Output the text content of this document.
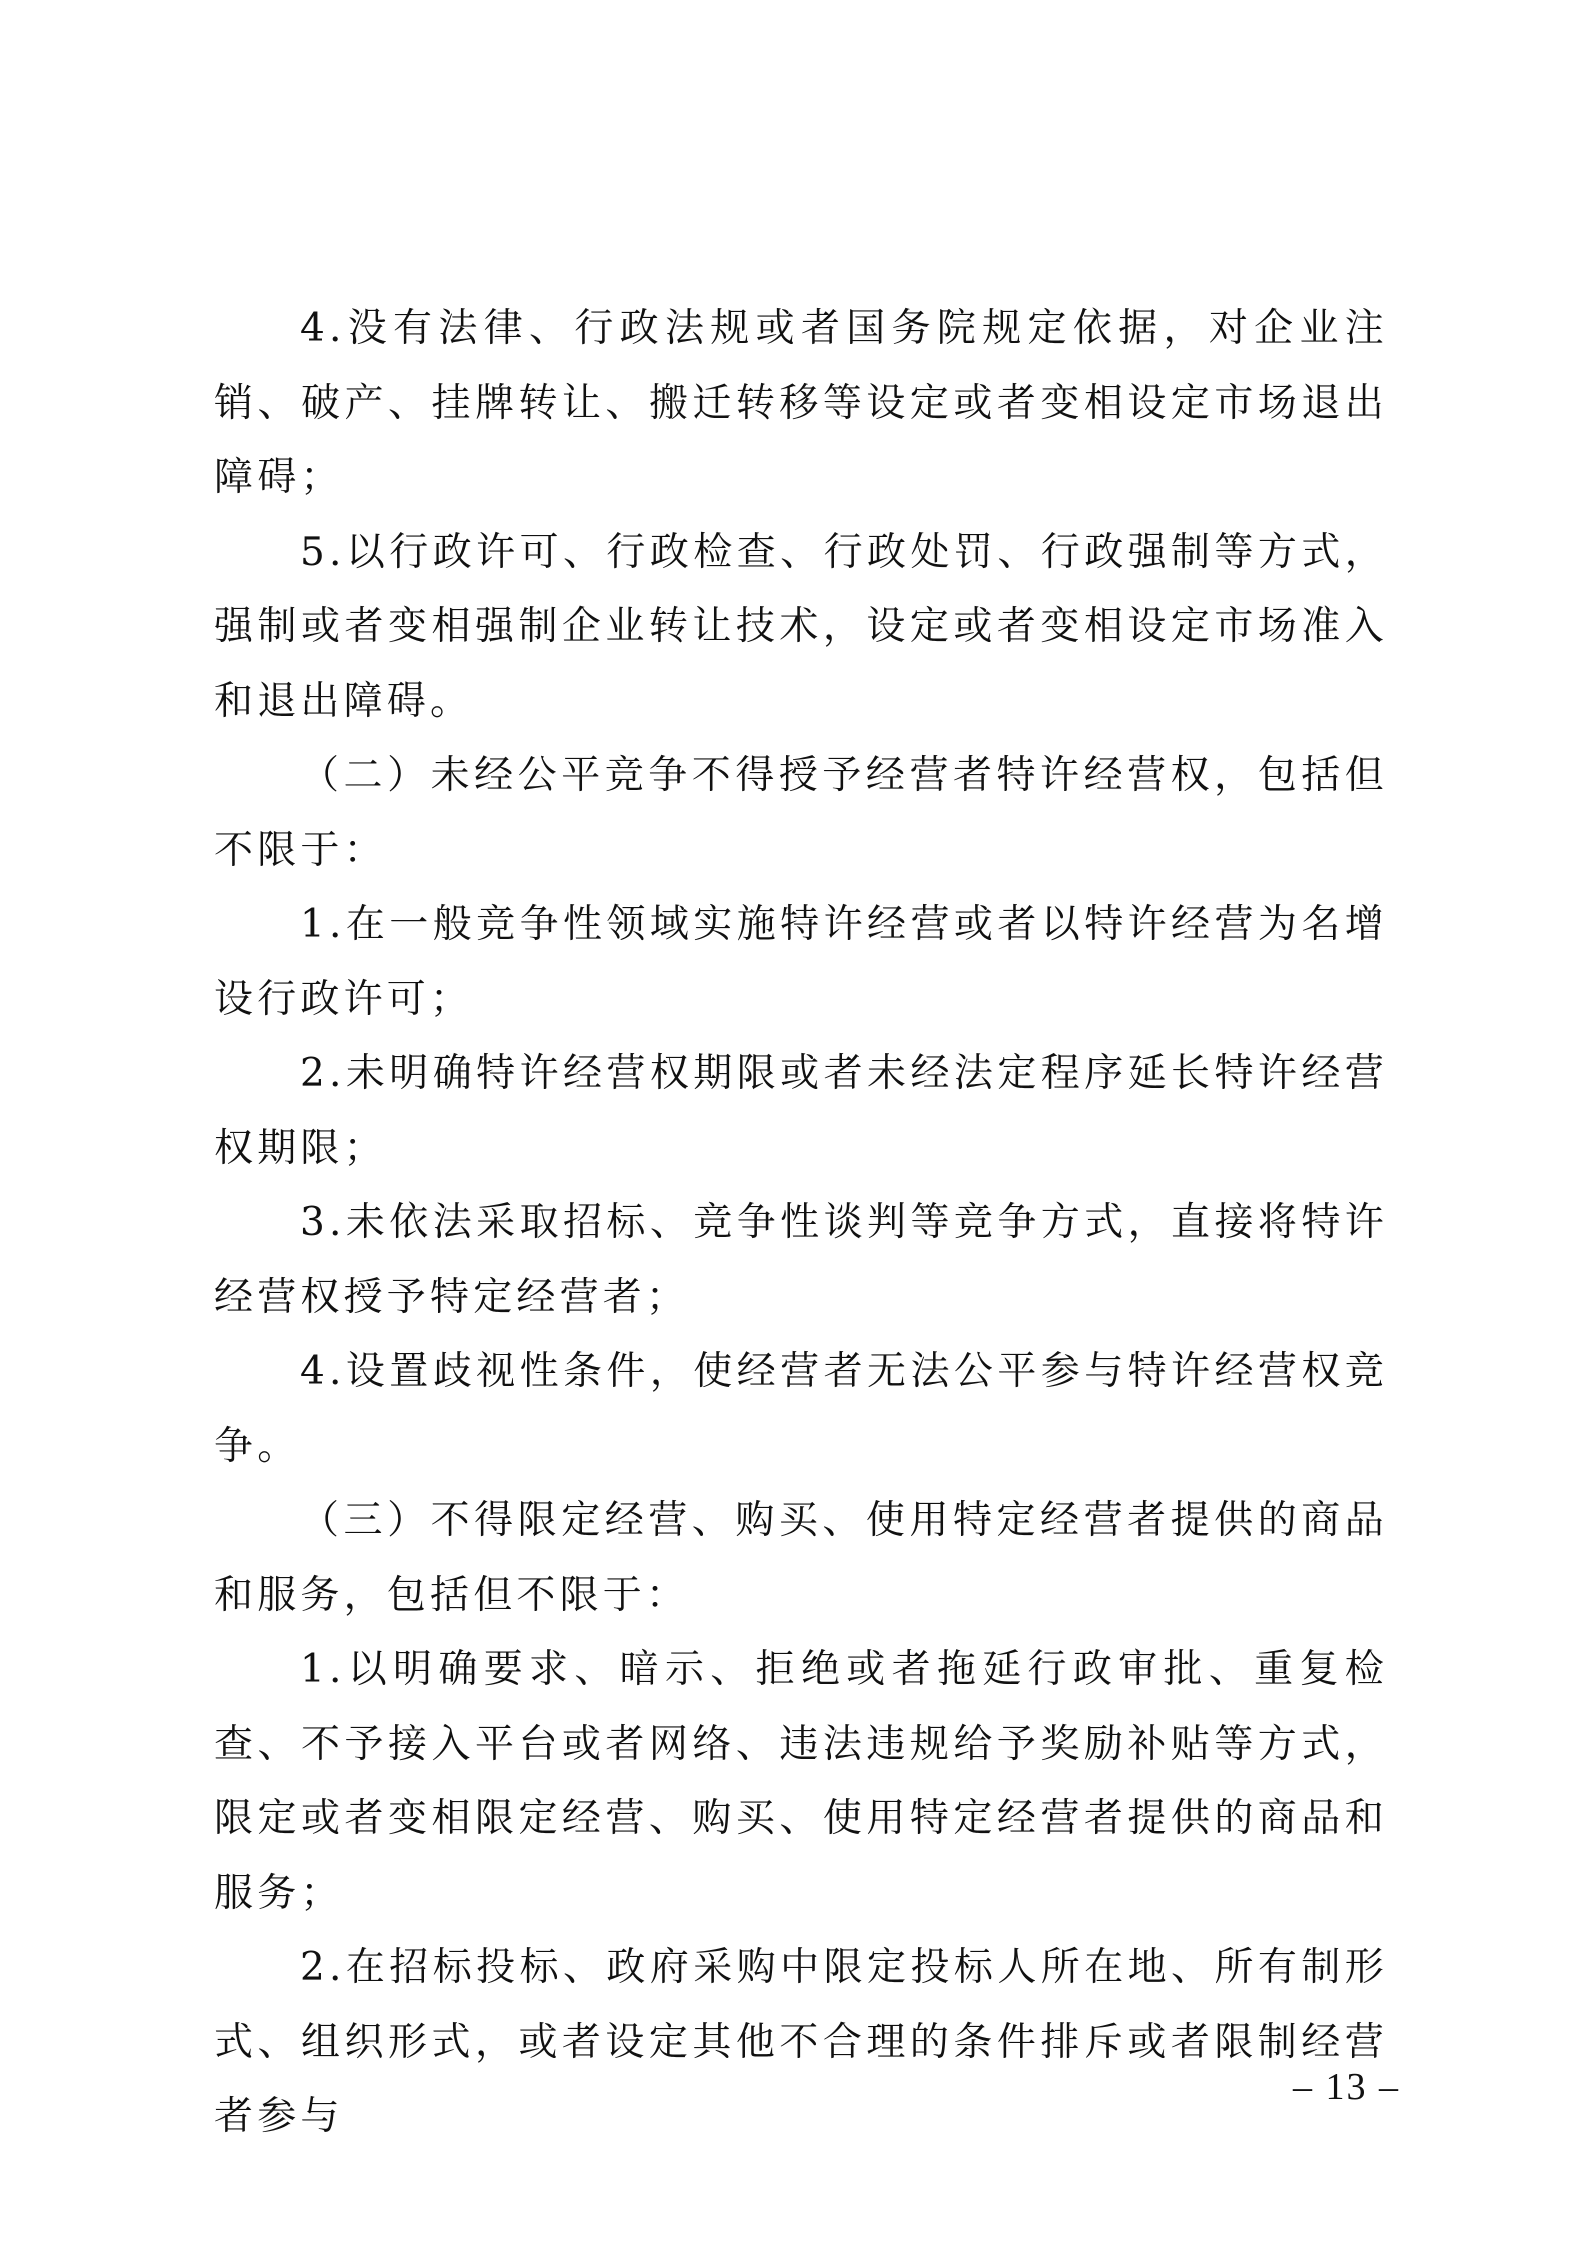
4.没有法律、行政法规或者国务院规定依据，对企业注销、破产、挂牌转让、搬迁转移等设定或者变相设定市场退出障碍；

5.以行政许可、行政检查、行政处罚、行政强制等方式，强制或者变相强制企业转让技术，设定或者变相设定市场准入和退出障碍。

（二）未经公平竞争不得授予经营者特许经营权，包括但不限于：

1.在一般竞争性领域实施特许经营或者以特许经营为名增设行政许可；

2.未明确特许经营权期限或者未经法定程序延长特许经营权期限；

3.未依法采取招标、竞争性谈判等竞争方式，直接将特许经营权授予特定经营者；

4.设置歧视性条件，使经营者无法公平参与特许经营权竞争。

（三）不得限定经营、购买、使用特定经营者提供的商品和服务，包括但不限于：

1.以明确要求、暗示、拒绝或者拖延行政审批、重复检查、不予接入平台或者网络、违法违规给予奖励补贴等方式，限定或者变相限定经营、购买、使用特定经营者提供的商品和服务；

2.在招标投标、政府采购中限定投标人所在地、所有制形式、组织形式，或者设定其他不合理的条件排斥或者限制经营者参与

– 13 –
